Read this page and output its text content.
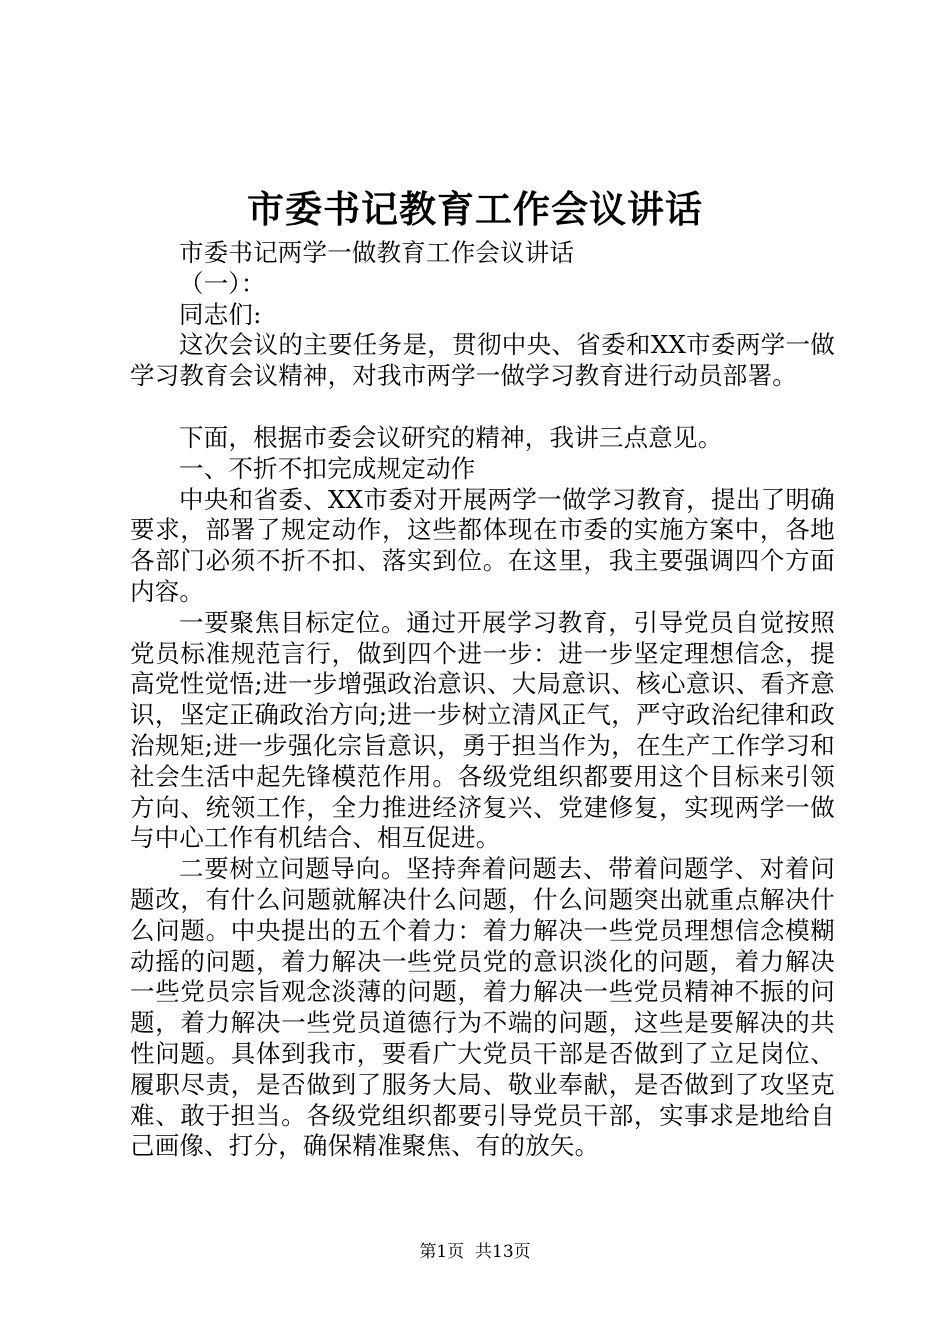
市委书记教育工作会议讲话

市委书记两学一做教育工作会议讲话

（一）：

同志们:

这次会议的主要任务是，贯彻中央、省委和XX市委两学一做学习教育会议精神，对我市两学一做学习教育进行动员部署。

下面，根据市委会议研究的精神，我讲三点意见。

一、不折不扣完成规定动作

中央和省委、XX市委对开展两学一做学习教育，提出了明确要求，部署了规定动作，这些都体现在市委的实施方案中，各地各部门必须不折不扣、落实到位。在这里，我主要强调四个方面内容。

一要聚焦目标定位。通过开展学习教育，引导党员自觉按照党员标准规范言行，做到四个进一步：进一步坚定理想信念，提高党性觉悟;进一步增强政治意识、大局意识、核心意识、看齐意识，坚定正确政治方向;进一步树立清风正气，严守政治纪律和政治规矩;进一步强化宗旨意识，勇于担当作为，在生产工作学习和社会生活中起先锋模范作用。各级党组织都要用这个目标来引领方向、统领工作，全力推进经济复兴、党建修复，实现两学一做与中心工作有机结合、相互促进。

二要树立问题导向。坚持奔着问题去、带着问题学、对着问题改，有什么问题就解决什么问题，什么问题突出就重点解决什么问题。中央提出的五个着力：着力解决一些党员理想信念模糊动摇的问题，着力解决一些党员党的意识淡化的问题，着力解决一些党员宗旨观念淡薄的问题，着力解决一些党员精神不振的问题，着力解决一些党员道德行为不端的问题，这些是要解决的共性问题。具体到我市，要看广大党员干部是否做到了立足岗位、履职尽责，是否做到了服务大局、敬业奉献，是否做到了攻坚克难、敢于担当。各级党组织都要引导党员干部，实事求是地给自己画像、打分，确保精准聚焦、有的放矢。

第1页 共13页
